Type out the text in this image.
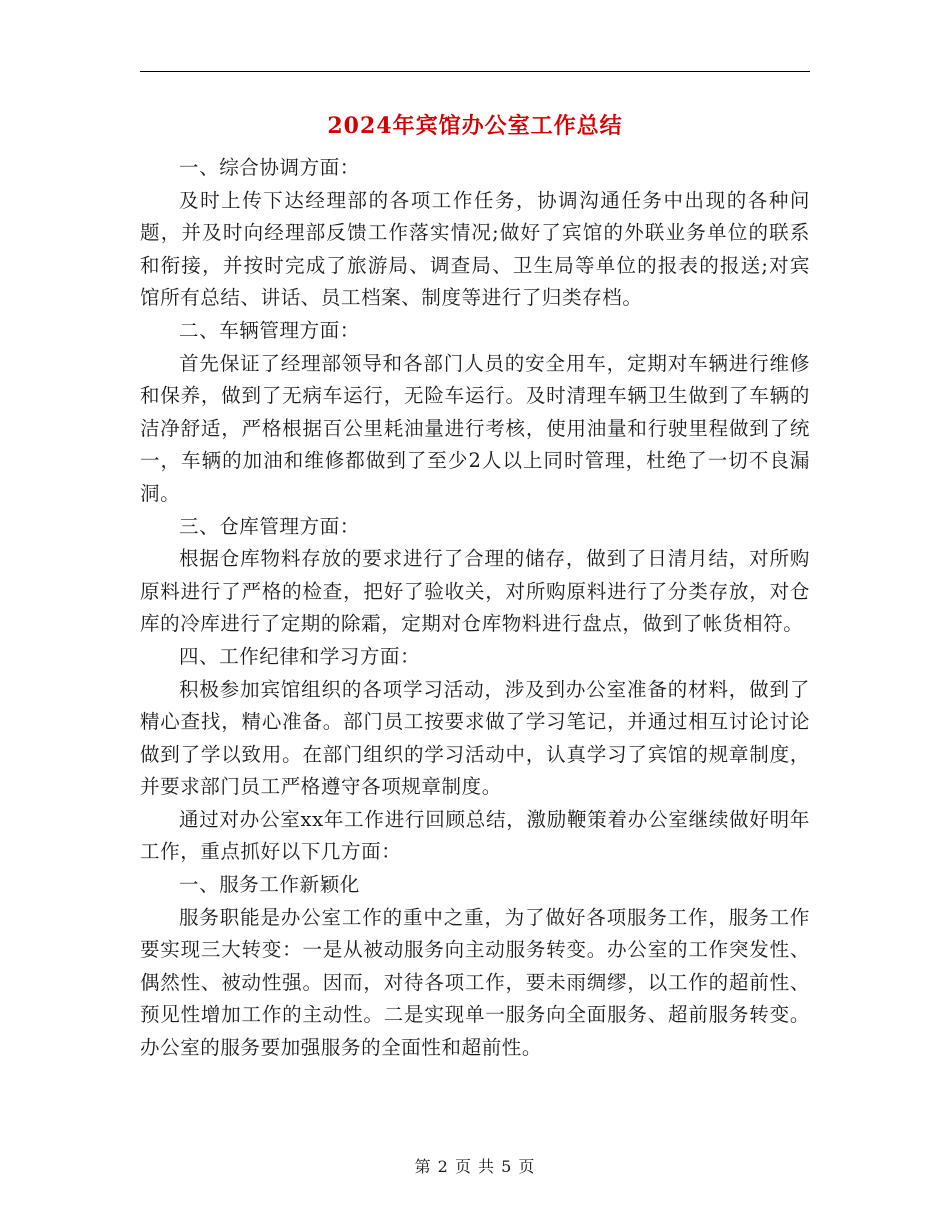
2024年宾馆办公室工作总结

一、综合协调方面：

及时上传下达经理部的各项工作任务，协调沟通任务中出现的各种问题，并及时向经理部反馈工作落实情况;做好了宾馆的外联业务单位的联系和衔接，并按时完成了旅游局、调查局、卫生局等单位的报表的报送;对宾馆所有总结、讲话、员工档案、制度等进行了归类存档。

二、车辆管理方面：

首先保证了经理部领导和各部门人员的安全用车，定期对车辆进行维修和保养，做到了无病车运行，无险车运行。及时清理车辆卫生做到了车辆的洁净舒适，严格根据百公里耗油量进行考核，使用油量和行驶里程做到了统一，车辆的加油和维修都做到了至少2人以上同时管理，杜绝了一切不良漏洞。

三、仓库管理方面：

根据仓库物料存放的要求进行了合理的储存，做到了日清月结，对所购原料进行了严格的检查，把好了验收关，对所购原料进行了分类存放，对仓库的冷库进行了定期的除霜，定期对仓库物料进行盘点，做到了帐货相符。

四、工作纪律和学习方面：

积极参加宾馆组织的各项学习活动，涉及到办公室准备的材料，做到了精心查找，精心准备。部门员工按要求做了学习笔记，并通过相互讨论讨论做到了学以致用。在部门组织的学习活动中，认真学习了宾馆的规章制度，并要求部门员工严格遵守各项规章制度。

通过对办公室xx年工作进行回顾总结，激励鞭策着办公室继续做好明年工作，重点抓好以下几方面：

一、服务工作新颖化

服务职能是办公室工作的重中之重，为了做好各项服务工作，服务工作要实现三大转变：一是从被动服务向主动服务转变。办公室的工作突发性、偶然性、被动性强。因而，对待各项工作，要未雨绸缪，以工作的超前性、预见性增加工作的主动性。二是实现单一服务向全面服务、超前服务转变。办公室的服务要加强服务的全面性和超前性。

第 2 页 共 5 页
